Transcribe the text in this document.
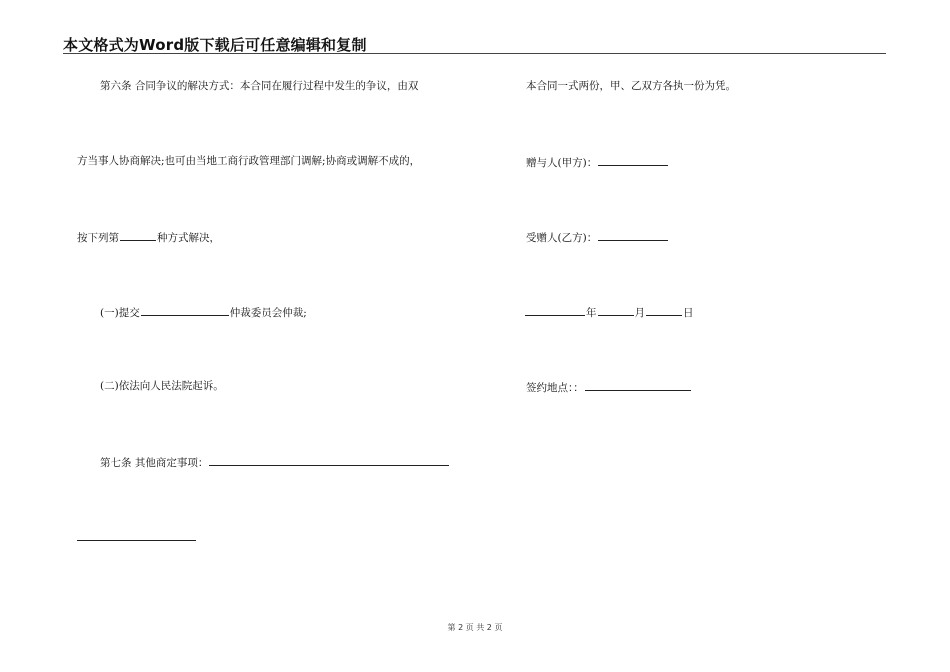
本文格式为Word版下载后可任意编辑和复制
第六条 合同争议的解决方式：本合同在履行过程中发生的争议，由双
方当事人协商解决;也可由当地工商行政管理部门调解;协商或调解不成的，
按下列第	种方式解决，
(一)提交	仲裁委员会仲裁;
(二)依法向人民法院起诉。
第七条 其他商定事项：
本合同一式两份，甲、乙双方各执一份为凭。
赠与人(甲方)：
受赠人(乙方)：
年	月	日
签约地点：：
第 2 页 共 2 页
